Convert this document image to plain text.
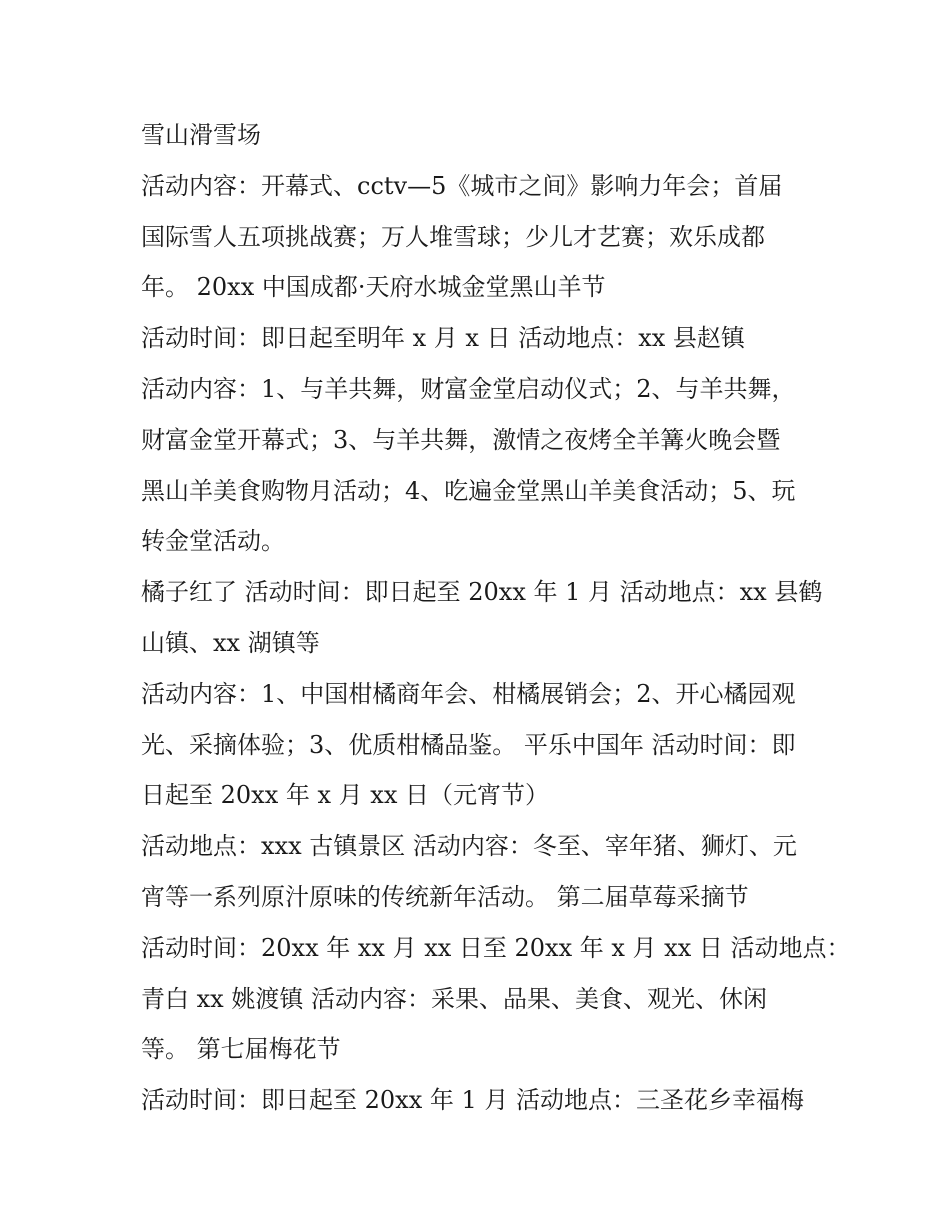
雪山滑雪场
活动内容：开幕式、cctv—5《城市之间》影响力年会；首届
国际雪人五项挑战赛；万人堆雪球；少儿才艺赛；欢乐成都
年。 20xx 中国成都·天府水城金堂黑山羊节
活动时间：即日起至明年 x 月 x 日 活动地点：xx 县赵镇
活动内容：1、与羊共舞，财富金堂启动仪式；2、与羊共舞，
财富金堂开幕式；3、与羊共舞，激情之夜烤全羊篝火晚会暨
黑山羊美食购物月活动；4、吃遍金堂黑山羊美食活动；5、玩
转金堂活动。
橘子红了 活动时间：即日起至 20xx 年 1 月 活动地点：xx 县鹤
山镇、xx 湖镇等
活动内容：1、中国柑橘商年会、柑橘展销会；2、开心橘园观
光、采摘体验；3、优质柑橘品鉴。 平乐中国年 活动时间：即
日起至 20xx 年 x 月 xx 日（元宵节）
活动地点：xxx 古镇景区 活动内容：冬至、宰年猪、狮灯、元
宵等一系列原汁原味的传统新年活动。 第二届草莓采摘节
活动时间：20xx 年 xx 月 xx 日至 20xx 年 x 月 xx 日 活动地点：
青白 xx 姚渡镇 活动内容：采果、品果、美食、观光、休闲
等。 第七届梅花节
活动时间：即日起至 20xx 年 1 月 活动地点：三圣花乡幸福梅
